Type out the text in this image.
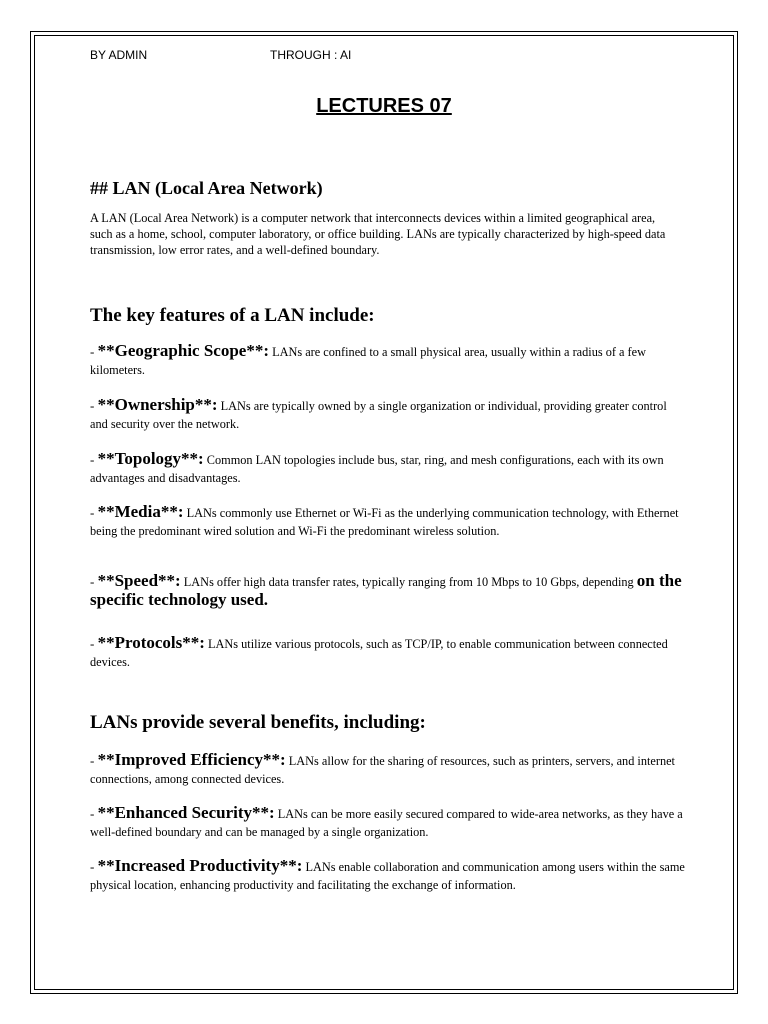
BY ADMIN	THROUGH : AI
LECTURES 07
## LAN (Local Area Network)
A LAN (Local Area Network) is a computer network that interconnects devices within a limited geographical area, such as a home, school, computer laboratory, or office building. LANs are typically characterized by high-speed data transmission, low error rates, and a well-defined boundary.
The key features of a LAN include:
- **Geographic Scope**: LANs are confined to a small physical area, usually within a radius of a few kilometers.
- **Ownership**: LANs are typically owned by a single organization or individual, providing greater control and security over the network.
- **Topology**: Common LAN topologies include bus, star, ring, and mesh configurations, each with its own advantages and disadvantages.
- **Media**: LANs commonly use Ethernet or Wi-Fi as the underlying communication technology, with Ethernet being the predominant wired solution and Wi-Fi the predominant wireless solution.
- **Speed**: LANs offer high data transfer rates, typically ranging from 10 Mbps to 10 Gbps, depending on the specific technology used.
- **Protocols**: LANs utilize various protocols, such as TCP/IP, to enable communication between connected devices.
LANs provide several benefits, including:
- **Improved Efficiency**: LANs allow for the sharing of resources, such as printers, servers, and internet connections, among connected devices.
- **Enhanced Security**: LANs can be more easily secured compared to wide-area networks, as they have a well-defined boundary and can be managed by a single organization.
- **Increased Productivity**: LANs enable collaboration and communication among users within the same physical location, enhancing productivity and facilitating the exchange of information.
